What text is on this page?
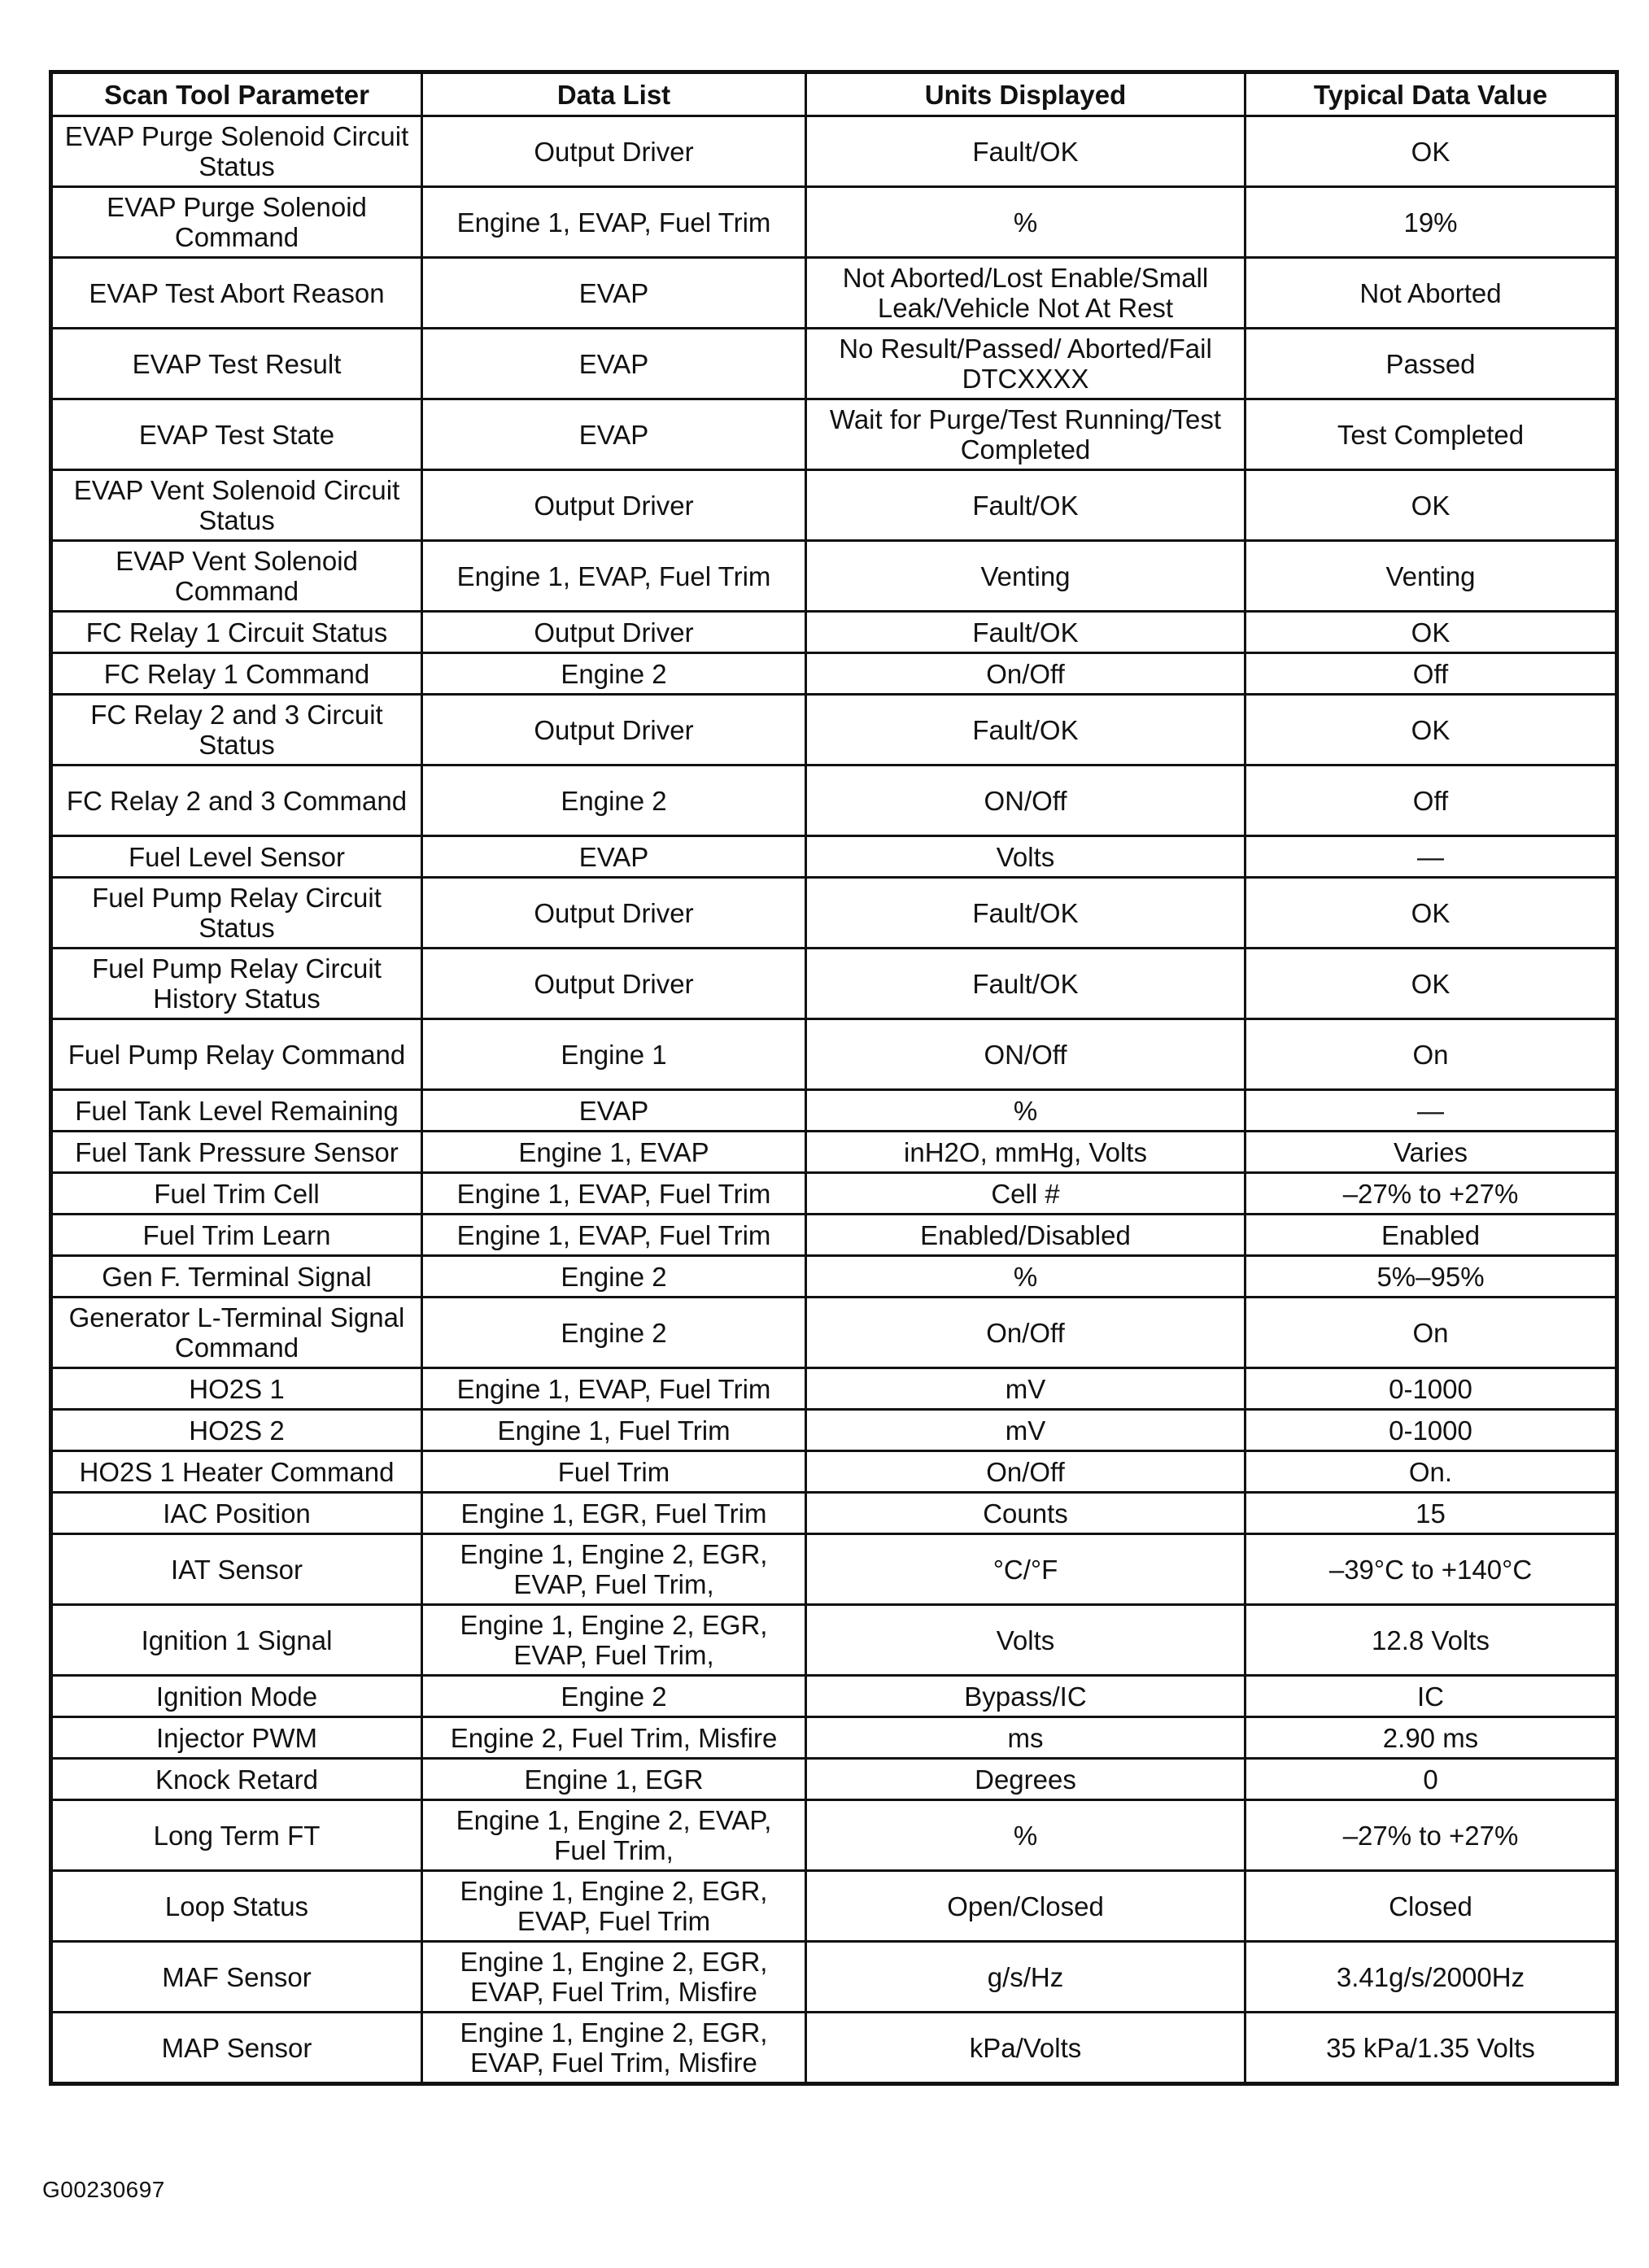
Scan Tool Parameter	Data List	Units Displayed	Typical Data Value
EVAP Purge Solenoid Circuit Status	Output Driver	Fault/OK	OK
EVAP Purge Solenoid Command	Engine 1, EVAP, Fuel Trim	%	19%
EVAP Test Abort Reason	EVAP	Not Aborted/Lost Enable/Small Leak/Vehicle Not At Rest	Not Aborted
EVAP Test Result	EVAP	No Result/Passed/ Aborted/Fail DTCXXXX	Passed
EVAP Test State	EVAP	Wait for Purge/Test Running/Test Completed	Test Completed
EVAP Vent Solenoid Circuit Status	Output Driver	Fault/OK	OK
EVAP Vent Solenoid Command	Engine 1, EVAP, Fuel Trim	Venting	Venting
FC Relay 1 Circuit Status	Output Driver	Fault/OK	OK
FC Relay 1 Command	Engine 2	On/Off	Off
FC Relay 2 and 3 Circuit Status	Output Driver	Fault/OK	OK
FC Relay 2 and 3 Command	Engine 2	ON/Off	Off
Fuel Level Sensor	EVAP	Volts	—
Fuel Pump Relay Circuit Status	Output Driver	Fault/OK	OK
Fuel Pump Relay Circuit History Status	Output Driver	Fault/OK	OK
Fuel Pump Relay Command	Engine 1	ON/Off	On
Fuel Tank Level Remaining	EVAP	%	—
Fuel Tank Pressure Sensor	Engine 1, EVAP	inH2O, mmHg, Volts	Varies
Fuel Trim Cell	Engine 1, EVAP, Fuel Trim	Cell #	–27% to +27%
Fuel Trim Learn	Engine 1, EVAP, Fuel Trim	Enabled/Disabled	Enabled
Gen F. Terminal Signal	Engine 2	%	5%–95%
Generator L-Terminal Signal Command	Engine 2	On/Off	On
HO2S 1	Engine 1, EVAP, Fuel Trim	mV	0-1000
HO2S 2	Engine 1, Fuel Trim	mV	0-1000
HO2S 1 Heater Command	Fuel Trim	On/Off	On.
IAC Position	Engine 1, EGR, Fuel Trim	Counts	15
IAT Sensor	Engine 1, Engine 2, EGR, EVAP, Fuel Trim,	°C/°F	–39°C to +140°C
Ignition 1 Signal	Engine 1, Engine 2, EGR, EVAP, Fuel Trim,	Volts	12.8 Volts
Ignition Mode	Engine 2	Bypass/IC	IC
Injector PWM	Engine 2, Fuel Trim, Misfire	ms	2.90 ms
Knock Retard	Engine 1, EGR	Degrees	0
Long Term FT	Engine 1, Engine 2, EVAP, Fuel Trim,	%	–27% to +27%
Loop Status	Engine 1, Engine 2, EGR, EVAP, Fuel Trim	Open/Closed	Closed
MAF Sensor	Engine 1, Engine 2, EGR, EVAP, Fuel Trim, Misfire	g/s/Hz	3.41g/s/2000Hz
MAP Sensor	Engine 1, Engine 2, EGR, EVAP, Fuel Trim, Misfire	kPa/Volts	35 kPa/1.35 Volts
G00230697
